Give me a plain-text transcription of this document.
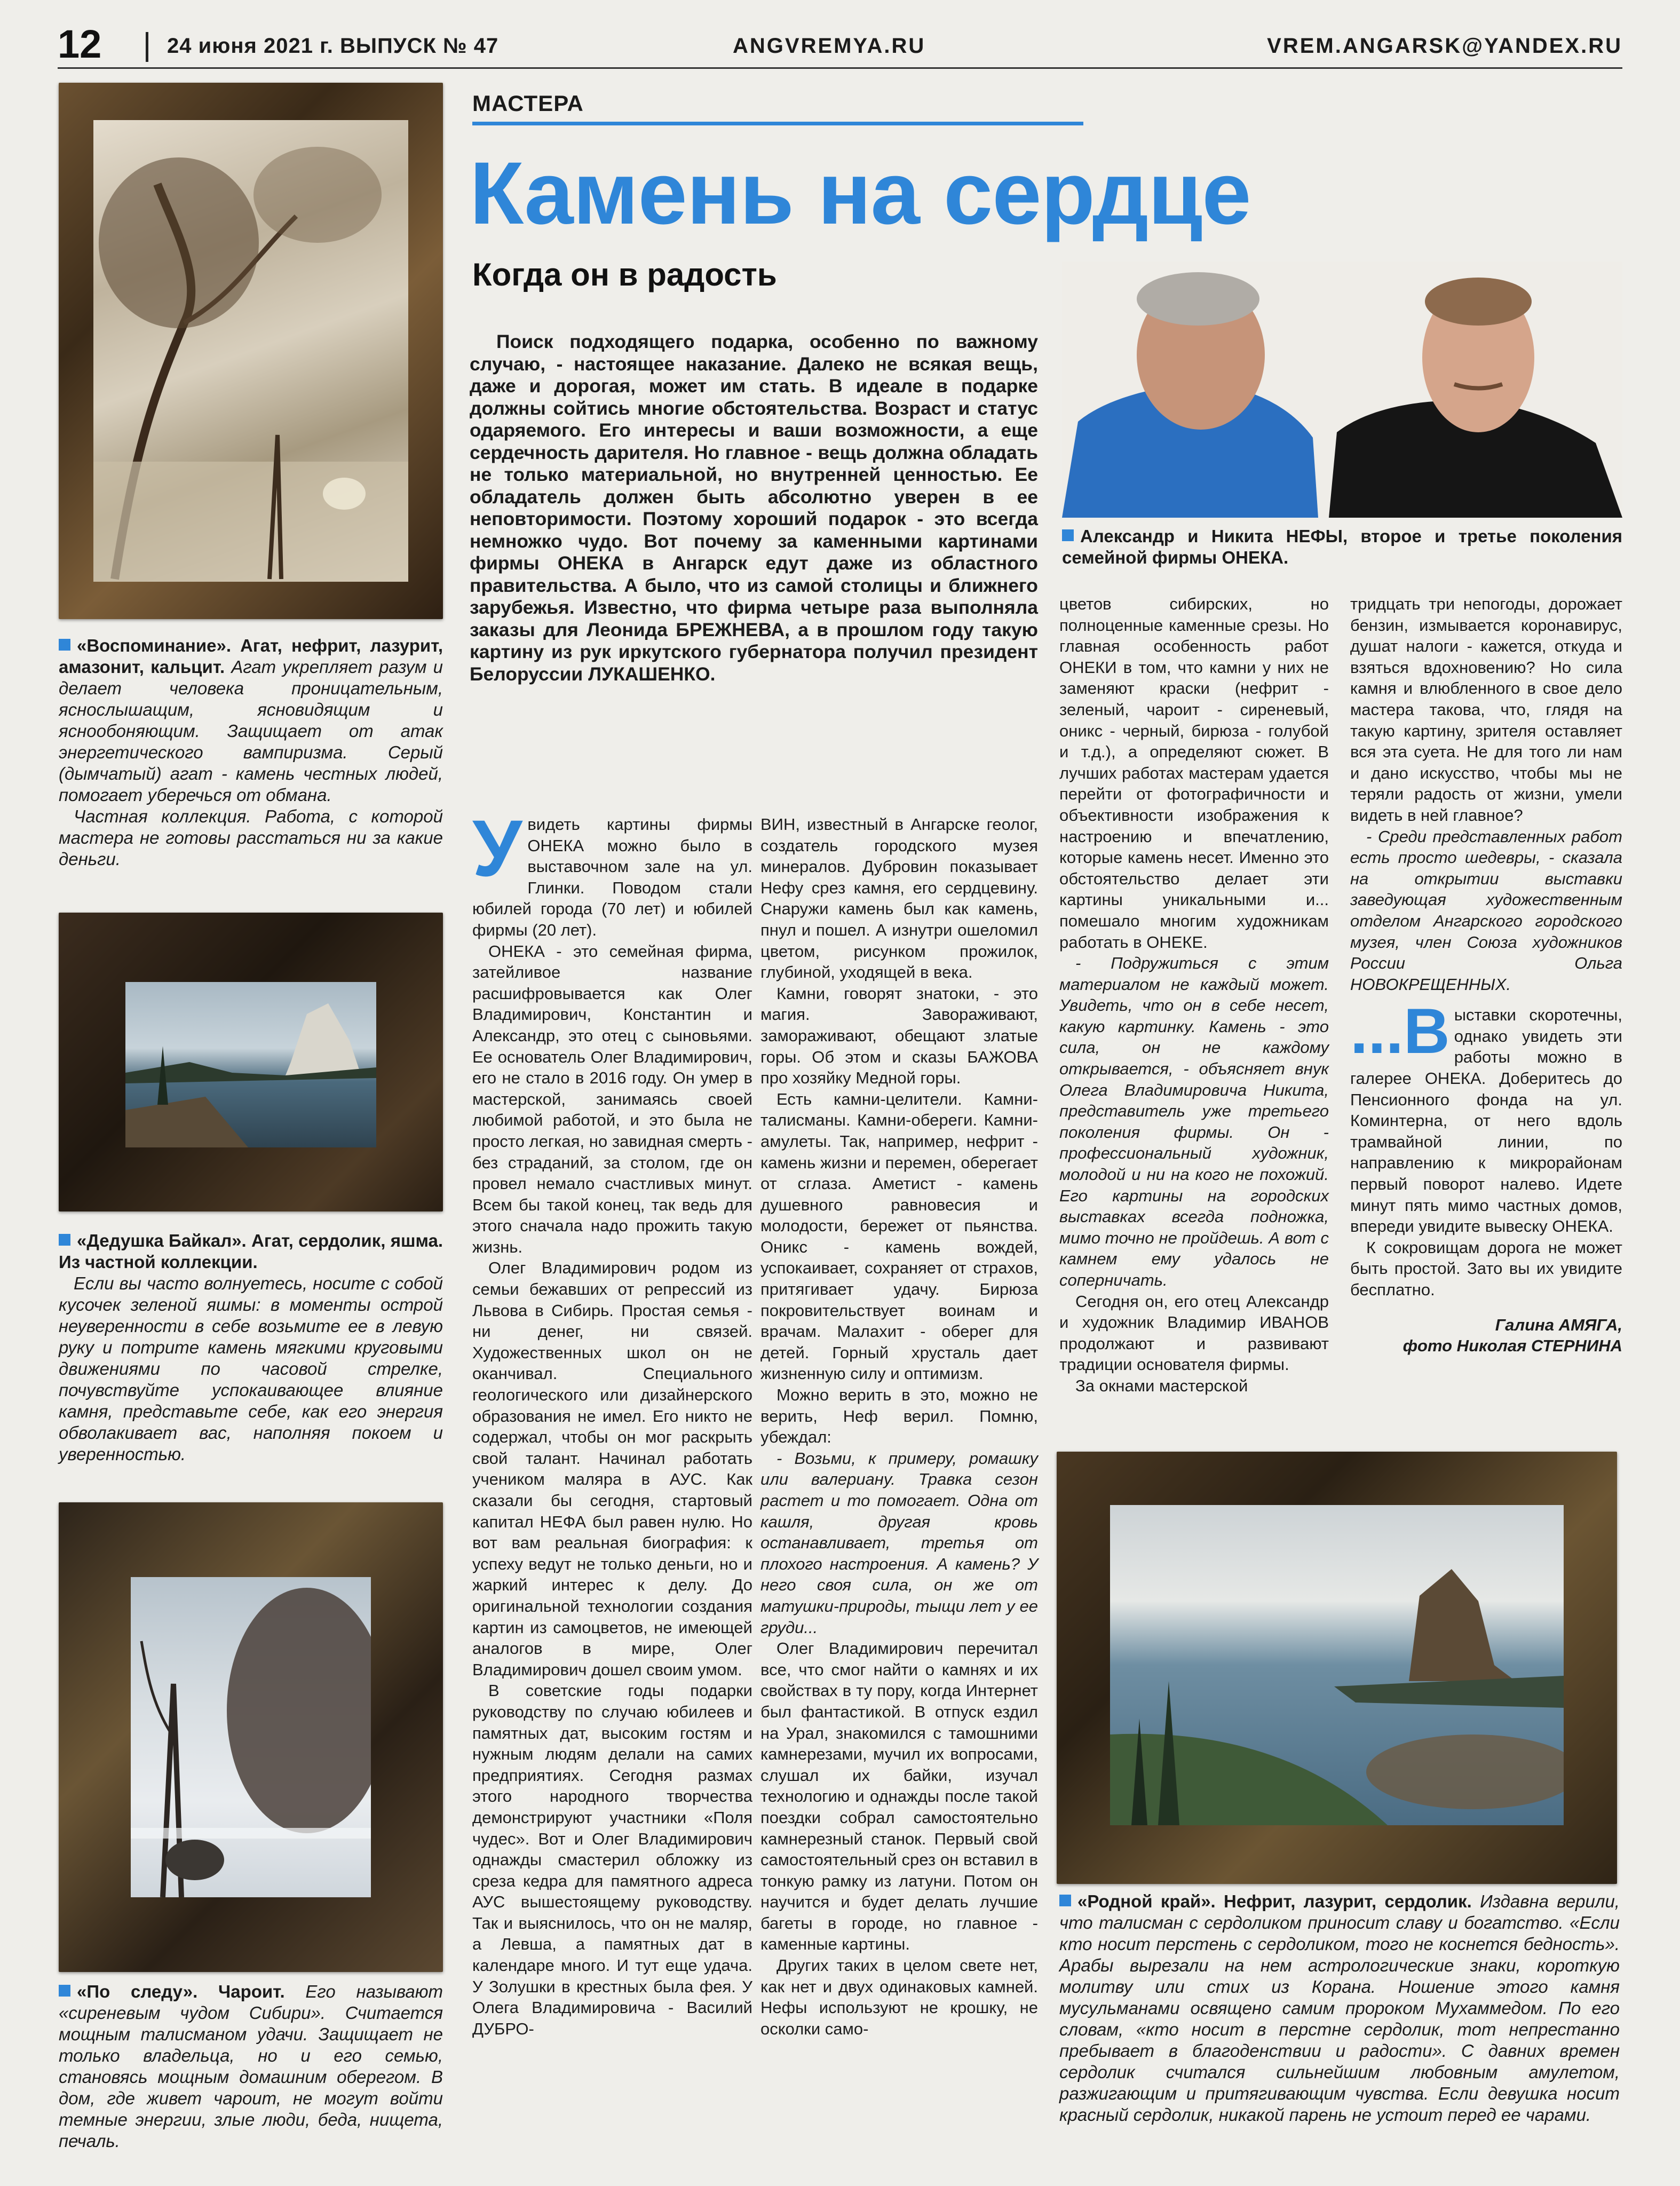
12	24 июня 2021 г. ВЫПУСК № 47	ANGVREMYA.RU	VREM.ANGARSK@YANDEX.RU
«Воспоминание». Агат, нефрит, лазурит, амазонит, кальцит. Агат укрепляет разум и делает человека проницательным, яснослышащим, ясновидящим и яснообоняющим. Защищает от атак энергетического вампиризма. Серый (дымчатый) агат - камень честных людей, помогает уберечься от обмана.
Частная коллекция. Работа, с которой мастера не готовы расстаться ни за какие деньги.
«Дедушка Байкал». Агат, сердолик, яшма. Из частной коллекции.
Если вы часто волнуетесь, носите с собой кусочек зеленой яшмы: в моменты острой неуверенности в себе возьмите ее в левую руку и потрите камень мягкими круговыми движениями по часовой стрелке, почувствуйте успокаивающее влияние камня, представьте себе, как его энергия обволакивает вас, наполняя покоем и уверенностью.
«По следу». Чароит. Его называют «сиреневым чудом Сибири». Считается мощным талисманом удачи. Защищает не только владельца, но и его семью, становясь мощным домашним оберегом. В дом, где живет чароит, не могут войти темные энергии, злые люди, беда, нищета, печаль.
МАСТЕРА
Камень на сердце
Когда он в радость
Поиск подходящего подарка, особенно по важному случаю, - настоящее наказание. Далеко не всякая вещь, даже и дорогая, может им стать. В идеале в подарке должны сойтись многие обстоятельства. Возраст и статус одаряемого. Его интересы и ваши возможности, а еще сердечность дарителя. Но главное - вещь должна обладать не только материальной, но внутренней ценностью. Ее обладатель должен быть абсолютно уверен в ее неповторимости. Поэтому хороший подарок - это всегда немножко чудо. Вот почему за каменными картинами фирмы ОНЕКА в Ангарск едут даже из областного правительства. А было, что из самой столицы и ближнего зарубежья. Известно, что фирма четыре раза выполняла заказы для Леонида БРЕЖНЕВА, а в прошлом году такую картину из рук иркутского губернатора получил президент Белоруссии ЛУКАШЕНКО.
Александр и Никита НЕФЫ, второе и третье поколения семейной фирмы ОНЕКА.

Увидеть картины фирмы ОНЕКА можно было в выставочном зале на ул. Глинки. Поводом стали юбилей города (70 лет) и юбилей фирмы (20 лет).

ОНЕКА - это семейная фирма, затейливое название расшифровывается как Олег Владимирович, Константин и Александр, это отец с сыновьями. Ее основатель Олег Владимирович, его не стало в 2016 году. Он умер в мастерской, занимаясь своей любимой работой, и это была не просто легкая, но завидная смерть - без страданий, за столом, где он провел немало счастливых минут. Всем бы такой конец, так ведь для этого сначала надо прожить такую жизнь.

Олег Владимирович родом из семьи бежавших от репрессий из Львова в Сибирь. Простая семья - ни денег, ни связей. Художественных школ он не оканчивал. Специального геологического или дизайнерского образования не имел. Его никто не содержал, чтобы он мог раскрыть свой талант. Начинал работать учеником маляра в АУС. Как сказали бы сегодня, стартовый капитал НЕФА был равен нулю. Но вот вам реальная биография: к успеху ведут не только деньги, но и жаркий интерес к делу. До оригинальной технологии создания картин из самоцветов, не имеющей аналогов в мире, Олег Владимирович дошел своим умом.

В советские годы подарки руководству по случаю юбилеев и памятных дат, высоким гостям и нужным людям делали на самих предприятиях. Сегодня размах этого народного творчества демонстрируют участники «Поля чудес». Вот и Олег Владимирович однажды смастерил обложку из среза кедра для памятного адреса АУС вышестоящему руководству. Так и выяснилось, что он не маляр, а Левша, а памятных дат в календаре много. И тут еще удача. У Золушки в крестных была фея. У Олега Владимировича - Василий ДУБРО-

ВИН, известный в Ангарске геолог, создатель городского музея минералов. Дубровин показывает Нефу срез камня, его сердцевину. Снаружи камень был как камень, пнул и пошел. А изнутри ошеломил цветом, рисунком прожилок, глубиной, уходящей в века.

Камни, говорят знатоки, - это магия. Завораживают, замораживают, обещают златые горы. Об этом и сказы БАЖОВА про хозяйку Медной горы.

Есть камни-целители. Камни-талисманы. Камни-обереги. Камни-амулеты. Так, например, нефрит - камень жизни и перемен, оберегает от сглаза. Аметист - камень душевного равновесия и молодости, бережет от пьянства. Оникс - камень вождей, успокаивает, сохраняет от страхов, притягивает удачу. Бирюза покровительствует воинам и врачам. Малахит - оберег для детей. Горный хрусталь дает жизненную силу и оптимизм.

Можно верить в это, можно не верить, Неф верил. Помню, убеждал:

- Возьми, к примеру, ромашку или валериану. Травка сезон растет и то помогает. Одна от кашля, другая кровь останавливает, третья от плохого настроения. А камень? У него своя сила, он же от матушки-природы, тыщи лет у ее груди...

Олег Владимирович перечитал все, что смог найти о камнях и их свойствах в ту пору, когда Интернет был фантастикой. В отпуск ездил на Урал, знакомился с тамошними камнерезами, мучил их вопросами, слушал их байки, изучал технологию и однажды после такой поездки собрал самостоятельно камнерезный станок. Первый свой самостоятельный срез он вставил в тонкую рамку из латуни. Потом он научится и будет делать лучшие багеты в городе, но главное - каменные картины.

Других таких в целом свете нет, как нет и двух одинаковых камней. Нефы используют не крошку, не осколки само-

цветов сибирских, но полноценные каменные срезы. Но главная особенность работ ОНЕКИ в том, что камни у них не заменяют краски (нефрит - зеленый, чароит - сиреневый, оникс - черный, бирюза - голубой и т.д.), а определяют сюжет. В лучших работах мастерам удается перейти от фотографичности и объективности изображения к настроению и впечатлению, которые камень несет. Именно это обстоятельство делает эти картины уникальными и... помешало многим художникам работать в ОНЕКЕ.

- Подружиться с этим материалом не каждый может. Увидеть, что он в себе несет, какую картинку. Камень - это сила, он не каждому открывается, - объясняет внук Олега Владимировича Никита, представитель уже третьего поколения фирмы. Он - профессиональный художник, молодой и ни на кого не похожий. Его картины на городских выставках всегда подножка, мимо точно не пройдешь. А вот с камнем ему удалось не соперничать.

Сегодня он, его отец Александр и художник Владимир ИВАНОВ продолжают и развивают традиции основателя фирмы.

За окнами мастерской

тридцать три непогоды, дорожает бензин, измывается коронавирус, душат налоги - кажется, откуда и взяться вдохновению? Но сила камня и влюбленного в свое дело мастера такова, что, глядя на такую картину, зрителя оставляет вся эта суета. Не для того ли нам и дано искусство, чтобы мы не теряли радость от жизни, умели видеть в ней главное?

- Среди представленных работ есть просто шедевры, - сказала на открытии выставки заведующая художественным отделом Ангарского городского музея, член Союза художников России Ольга НОВОКРЕЩЕННЫХ.

...В ыставки скоротечны, однако увидеть эти работы можно в галерее ОНЕКА. Доберитесь до Пенсионного фонда на ул. Коминтерна, от него вдоль трамвайной линии, по направлению к микрорайонам первый поворот налево. Идете минут пять мимо частных домов, впереди увидите вывеску ОНЕКА.

К сокровищам дорога не может быть простой. Зато вы их увидите бесплатно.

Галина АМЯГА,
фото Николая СТЕРНИНА
«Родной край». Нефрит, лазурит, сердолик. Издавна верили, что талисман с сердоликом приносит славу и богатство. «Если кто носит перстень с сердоликом, того не коснется бедность». Арабы вырезали на нем астрологические знаки, короткую молитву или стих из Корана. Ношение этого камня мусульманами освящено самим пророком Мухаммедом. По его словам, «кто носит в перстне сердолик, тот непрестанно пребывает в благоденствии и радости». С давних времен сердолик считался сильнейшим любовным амулетом, разжигающим и притягивающим чувства. Если девушка носит красный сердолик, никакой парень не устоит перед ее чарами.
